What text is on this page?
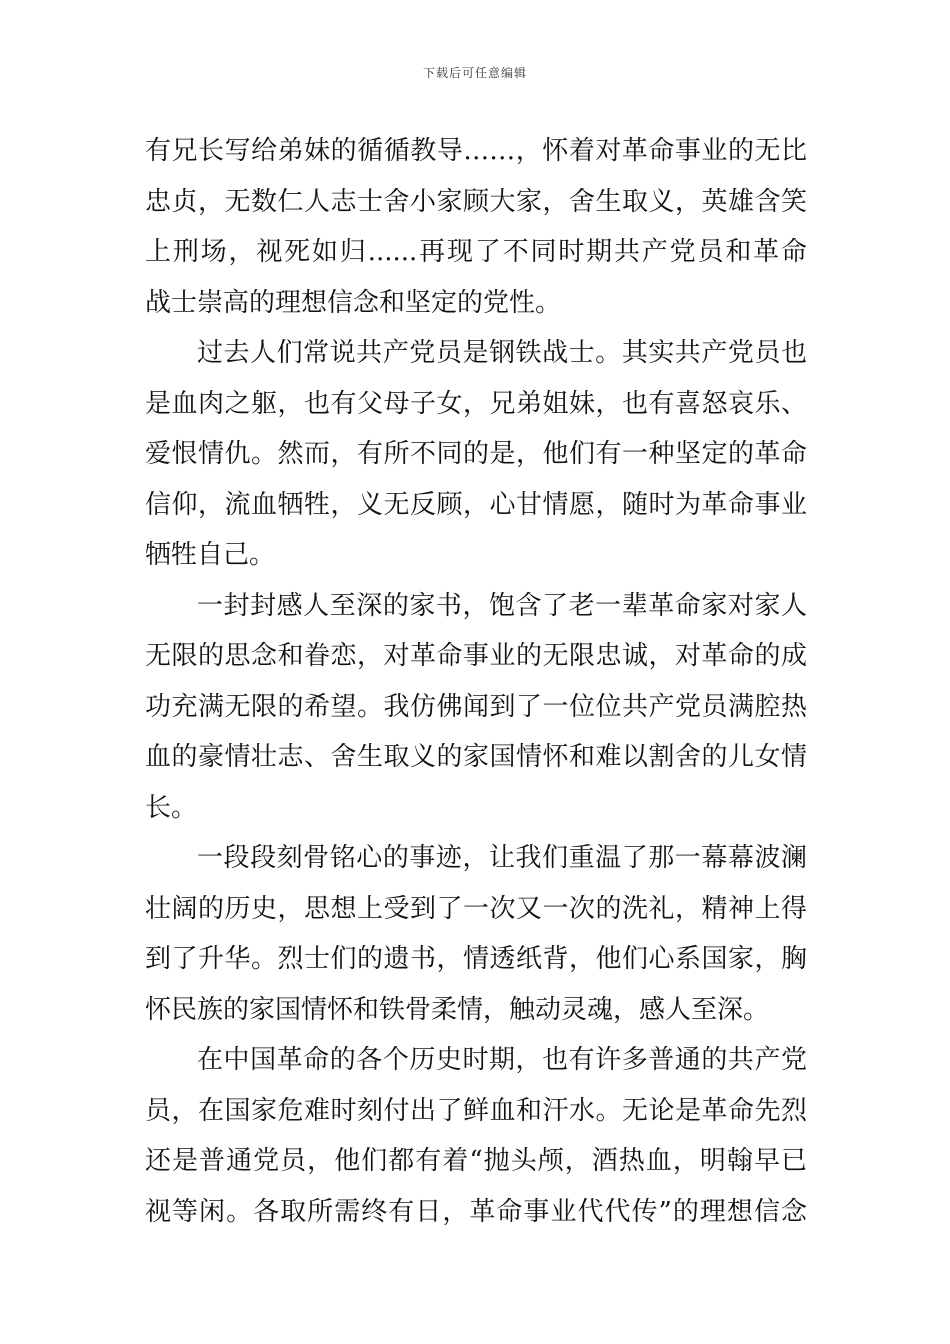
下载后可任意编辑
有兄长写给弟妹的循循教导……，怀着对革命事业的无比
忠贞，无数仁人志士舍小家顾大家，舍生取义，英雄含笑
上刑场，视死如归......再现了不同时期共产党员和革命
战士崇高的理想信念和坚定的党性。
过去人们常说共产党员是钢铁战士。其实共产党员也
是血肉之躯，也有父母子女，兄弟姐妹，也有喜怒哀乐、
爱恨情仇。然而，有所不同的是，他们有一种坚定的革命
信仰，流血牺牲，义无反顾，心甘情愿，随时为革命事业
牺牲自己。
一封封感人至深的家书，饱含了老一辈革命家对家人
无限的思念和眷恋，对革命事业的无限忠诚，对革命的成
功充满无限的希望。我仿佛闻到了一位位共产党员满腔热
血的豪情壮志、舍生取义的家国情怀和难以割舍的儿女情
长。
一段段刻骨铭心的事迹，让我们重温了那一幕幕波澜
壮阔的历史，思想上受到了一次又一次的洗礼，精神上得
到了升华。烈士们的遗书，情透纸背，他们心系国家，胸
怀民族的家国情怀和铁骨柔情，触动灵魂，感人至深。
在中国革命的各个历史时期，也有许多普通的共产党
员，在国家危难时刻付出了鲜血和汗水。无论是革命先烈
还是普通党员，他们都有着“抛头颅，酒热血，明翰早已
视等闲。各取所需终有日，革命事业代代传”的理想信念
